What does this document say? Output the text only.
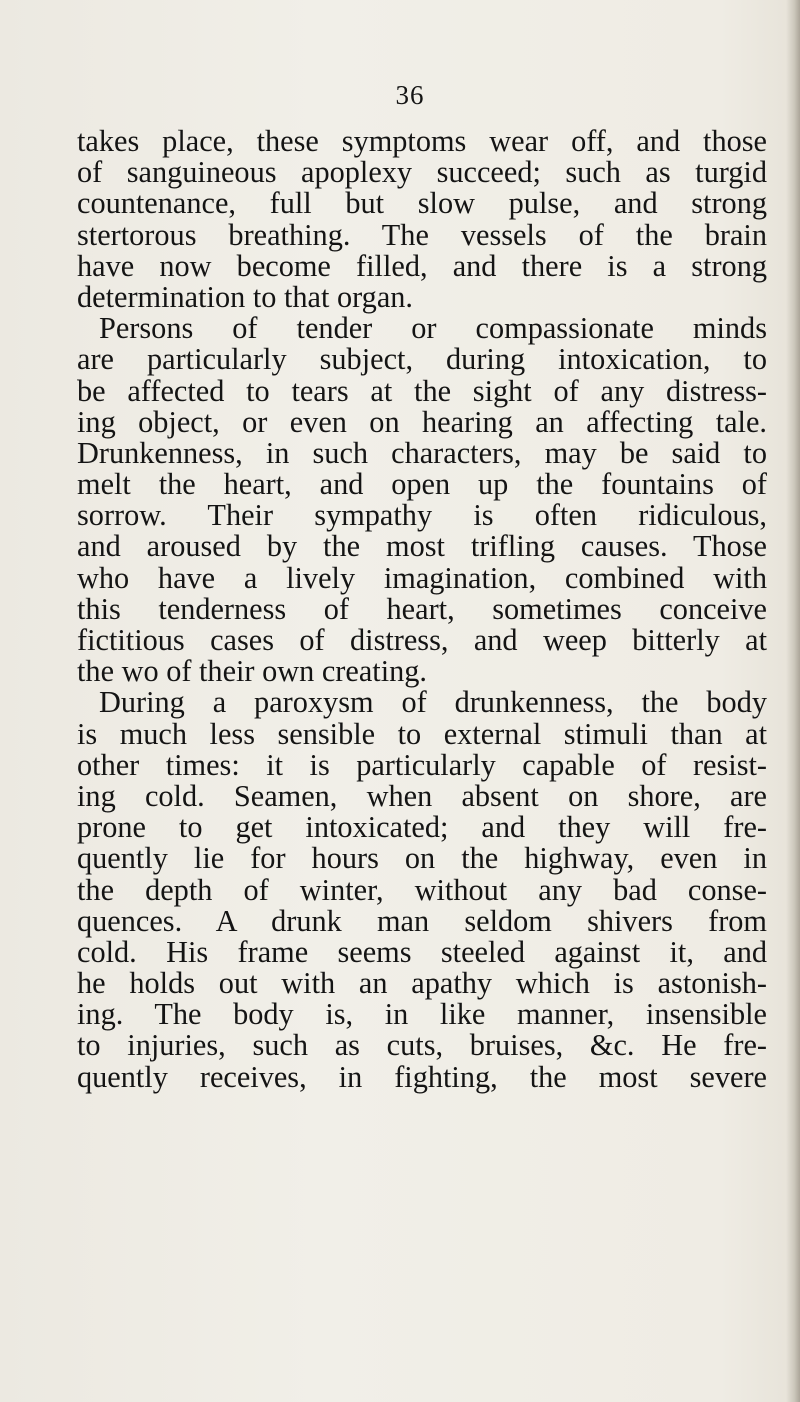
36
takes place, these symptoms wear off, and those
of sanguineous apoplexy succeed; such as turgid
countenance, full but slow pulse, and strong
stertorous breathing. The vessels of the brain
have now become filled, and there is a strong
determination to that organ.
Persons of tender or compassionate minds
are particularly subject, during intoxication, to
be affected to tears at the sight of any distress-
ing object, or even on hearing an affecting tale.
Drunkenness, in such characters, may be said to
melt the heart, and open up the fountains of
sorrow. Their sympathy is often ridiculous,
and aroused by the most trifling causes. Those
who have a lively imagination, combined with
this tenderness of heart, sometimes conceive
fictitious cases of distress, and weep bitterly at
the wo of their own creating.
During a paroxysm of drunkenness, the body
is much less sensible to external stimuli than at
other times: it is particularly capable of resist-
ing cold. Seamen, when absent on shore, are
prone to get intoxicated; and they will fre-
quently lie for hours on the highway, even in
the depth of winter, without any bad conse-
quences. A drunk man seldom shivers from
cold. His frame seems steeled against it, and
he holds out with an apathy which is astonish-
ing. The body is, in like manner, insensible
to injuries, such as cuts, bruises, &c. He fre-
quently receives, in fighting, the most severe
